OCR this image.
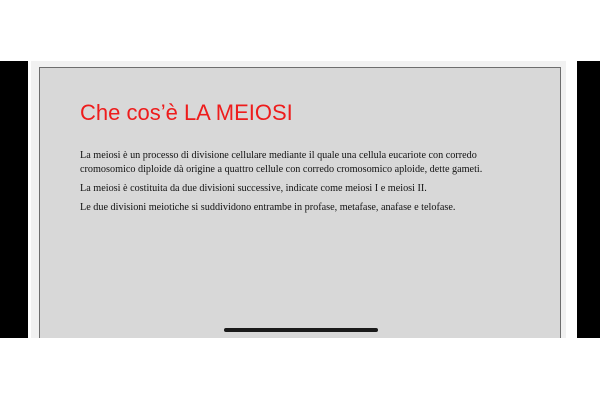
Che cos’è LA MEIOSI

La meiosi è un processo di divisione cellulare mediante il quale una cellula eucariote con corredo cromosomico diploide dà origine a quattro cellule con corredo cromosomico aploide, dette gameti.

La meiosi è costituita da due divisioni successive, indicate come meiosi I e meiosi II.

Le due divisioni meiotiche si suddividono entrambe in profase, metafase, anafase e telofase.
